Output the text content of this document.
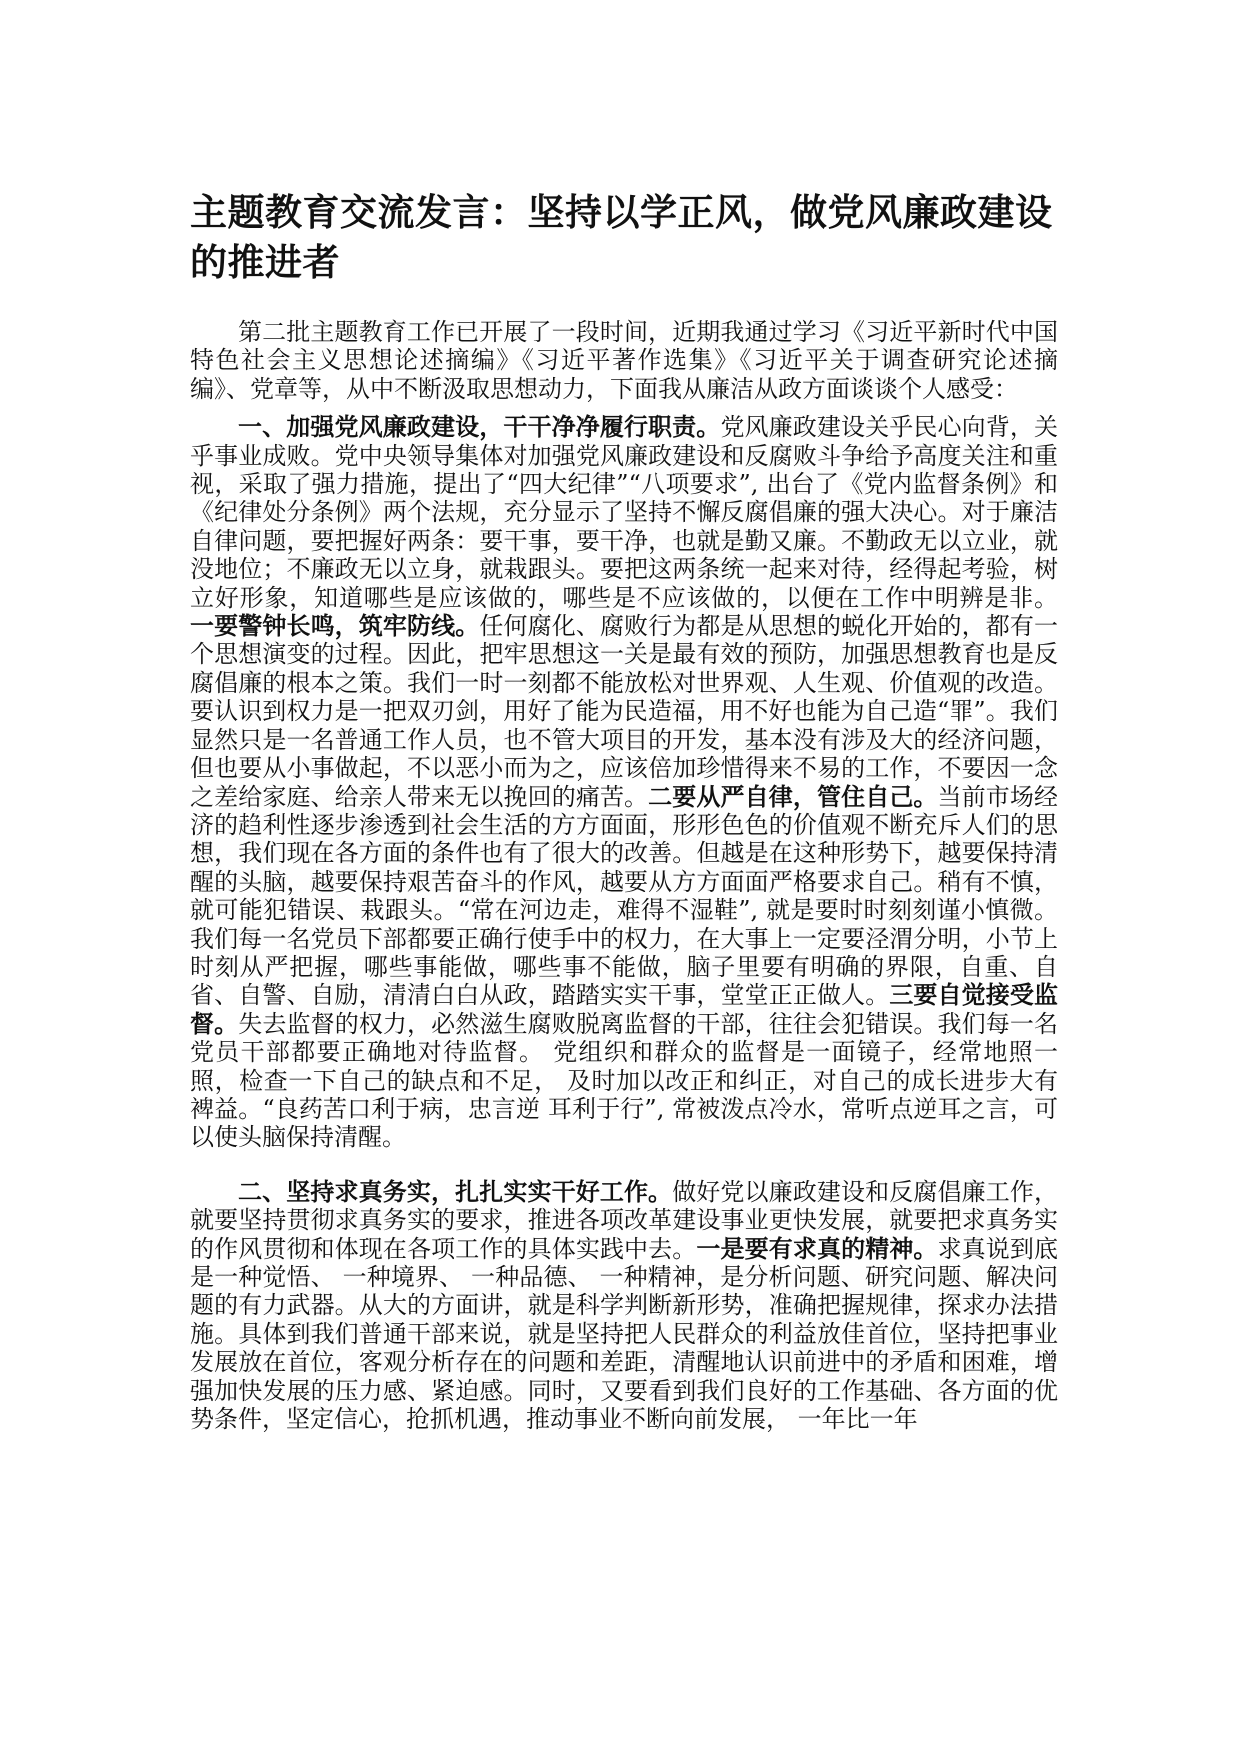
主题教育交流发言：坚持以学正风，做党风廉政建设的推进者

第二批主题教育工作已开展了一段时间，近期我通过学习《习近平新时代中国特色社会主义思想论述摘编》《习近平著作选集》《习近平关于调查研究论述摘编》、党章等，从中不断汲取思想动力，下面我从廉洁从政方面谈谈个人感受：

一、加强党风廉政建设，干干净净履行职责。党风廉政建设关乎民心向背，关乎事业成败。党中央领导集体对加强党风廉政建设和反腐败斗争给予高度关注和重视，采取了强力措施，提出了“四大纪律”“八项要求”, 出台了《党内监督条例》和《纪律处分条例》两个法规，充分显示了坚持不懈反腐倡廉的强大决心。对于廉洁自律问题，要把握好两条：要干事，要干净，也就是勤又廉。不勤政无以立业，就没地位；不廉政无以立身，就栽跟头。要把这两条统一起来对待，经得起考验，树立好形象，知道哪些是应该做的，哪些是不应该做的，以便在工作中明辨是非。 一要警钟长鸣，筑牢防线。任何腐化、腐败行为都是从思想的蜕化开始的，都有一个思想演变的过程。因此，把牢思想这一关是最有效的预防，加强思想教育也是反腐倡廉的根本之策。我们一时一刻都不能放松对世界观、人生观、价值观的改造。要认识到权力是一把双刃剑，用好了能为民造福，用不好也能为自己造“罪”。我们显然只是一名普通工作人员，也不管大项目的开发，基本没有涉及大的经济问题，但也要从小事做起，不以恶小而为之，应该倍加珍惜得来不易的工作，不要因一念之差给家庭、给亲人带来无以挽回的痛苦。二要从严自律，管住自己。当前市场经济的趋利性逐步渗透到社会生活的方方面面，形形色色的价值观不断充斥人们的思想，我们现在各方面的条件也有了很大的改善。但越是在这种形势下，越要保持清醒的头脑，越要保持艰苦奋斗的作风，越要从方方面面严格要求自己。稍有不慎，就可能犯错误、栽跟头。“常在河边走，难得不湿鞋”, 就是要时时刻刻谨小慎微。我们每一名党员下部都要正确行使手中的权力，在大事上一定要泾渭分明，小节上时刻从严把握，哪些事能做，哪些事不能做，脑子里要有明确的界限，自重、自省、自警、自励，清清白白从政，踏踏实实干事，堂堂正正做人。三要自觉接受监督。失去监督的权力，必然滋生腐败脱离监督的干部，往往会犯错误。我们每一名党员干部都要正确地对待监督。 党组织和群众的监督是一面镜子，经常地照一照，检查一下自己的缺点和不足， 及时加以改正和纠正，对自己的成长进步大有裨益。“良药苦口利于病，忠言逆 耳利于行”, 常被泼点冷水，常听点逆耳之言，可以使头脑保持清醒。

二、坚持求真务实，扎扎实实干好工作。做好党以廉政建设和反腐倡廉工作，就要坚持贯彻求真务实的要求，推进各项改革建设事业更快发展，就要把求真务实的作风贯彻和体现在各项工作的具体实践中去。一是要有求真的精神。求真说到底是一种觉悟、 一种境界、 一种品德、 一种精神，是分析问题、研究问题、解决问题的有力武器。从大的方面讲，就是科学判断新形势，准确把握规律，探求办法措施。具体到我们普通干部来说，就是坚持把人民群众的利益放佳首位，坚持把事业发展放在首位，客观分析存在的问题和差距，清醒地认识前进中的矛盾和困难，增强加快发展的压力感、紧迫感。同时，又要看到我们良好的工作基础、各方面的优势条件，坚定信心，抢抓机遇，推动事业不断向前发展， 一年比一年
